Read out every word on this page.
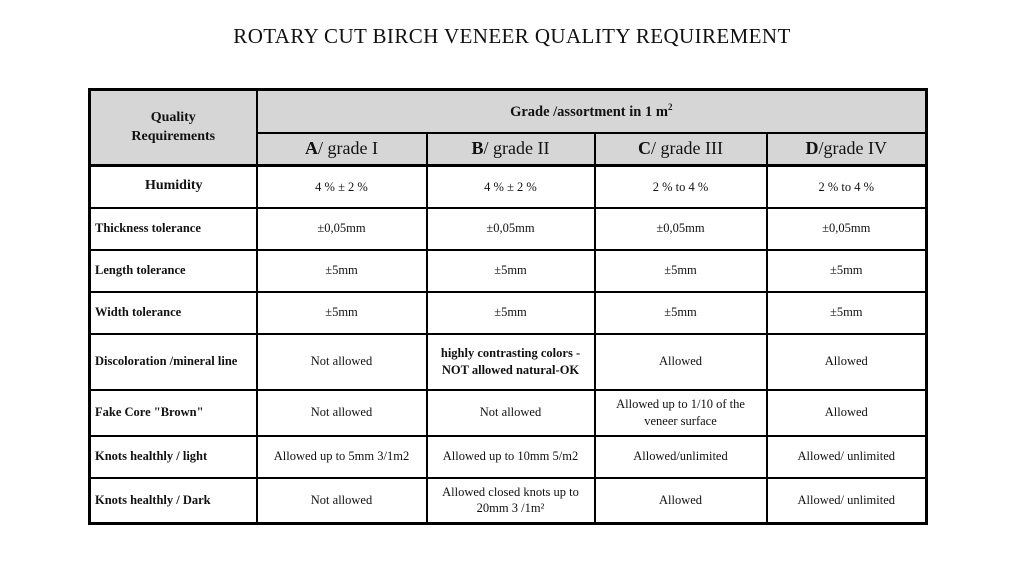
ROTARY CUT BIRCH VENEER QUALITY REQUIREMENT
Quality
Requirements	Grade /assortment in 1 $m^2$
	A/ grade I	B/ grade II	C/ grade III	D/grade IV
Humidity	4 % ± 2 %	4 % ± 2 %	2 % to 4 %	2 % to 4 %
Thickness tolerance	±0,05mm	±0,05mm	±0,05mm	±0,05mm
Length tolerance	±5mm	±5mm	±5mm	±5mm
Width tolerance	±5mm	±5mm	±5mm	±5mm
Discoloration /mineral line	Not allowed	highly contrasting colors - NOT allowed natural-OK	Allowed	Allowed
Fake Core "Brown"	Not allowed	Not allowed	Allowed up to 1/10 of the veneer surface	Allowed
Knots healthly / light	Allowed up to 5mm 3/1m2	Allowed up to 10mm 5/m2	Allowed/unlimited	Allowed/ unlimited
Knots healthly / Dark	Not allowed	Allowed closed knots up to 20mm 3 /1m²	Allowed	Allowed/ unlimited
